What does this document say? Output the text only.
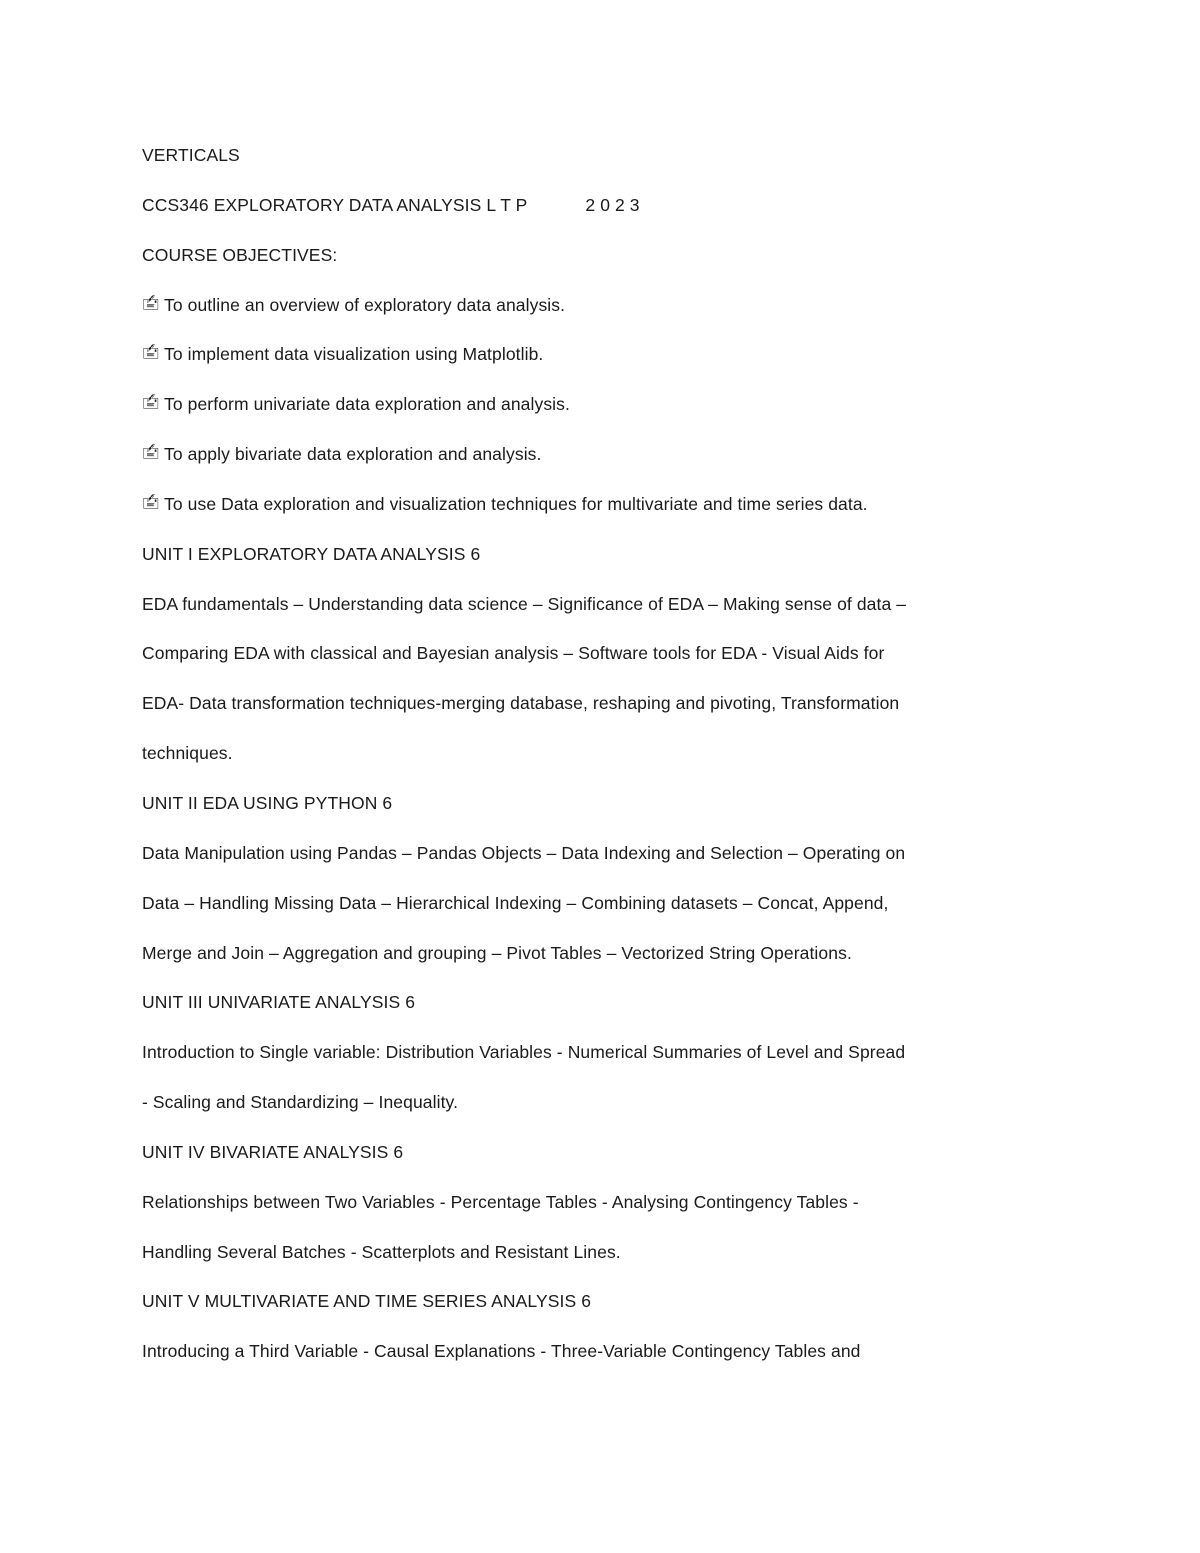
VERTICALS
CCS346 EXPLORATORY DATA ANALYSIS L T P	2 0 2 3
COURSE OBJECTIVES:
🖆 To outline an overview of exploratory data analysis.
🖆 To implement data visualization using Matplotlib.
🖆 To perform univariate data exploration and analysis.
🖆 To apply bivariate data exploration and analysis.
🖆 To use Data exploration and visualization techniques for multivariate and time series data.
UNIT I EXPLORATORY DATA ANALYSIS 6
EDA fundamentals – Understanding data science – Significance of EDA – Making sense of data –
Comparing EDA with classical and Bayesian analysis – Software tools for EDA - Visual Aids for
EDA- Data transformation techniques-merging database, reshaping and pivoting, Transformation
techniques.
UNIT II EDA USING PYTHON 6
Data Manipulation using Pandas – Pandas Objects – Data Indexing and Selection – Operating on
Data – Handling Missing Data – Hierarchical Indexing – Combining datasets – Concat, Append,
Merge and Join – Aggregation and grouping – Pivot Tables – Vectorized String Operations.
UNIT III UNIVARIATE ANALYSIS 6
Introduction to Single variable: Distribution Variables - Numerical Summaries of Level and Spread
- Scaling and Standardizing – Inequality.
UNIT IV BIVARIATE ANALYSIS 6
Relationships between Two Variables - Percentage Tables - Analysing Contingency Tables -
Handling Several Batches - Scatterplots and Resistant Lines.
UNIT V MULTIVARIATE AND TIME SERIES ANALYSIS 6
Introducing a Third Variable - Causal Explanations - Three-Variable Contingency Tables and
